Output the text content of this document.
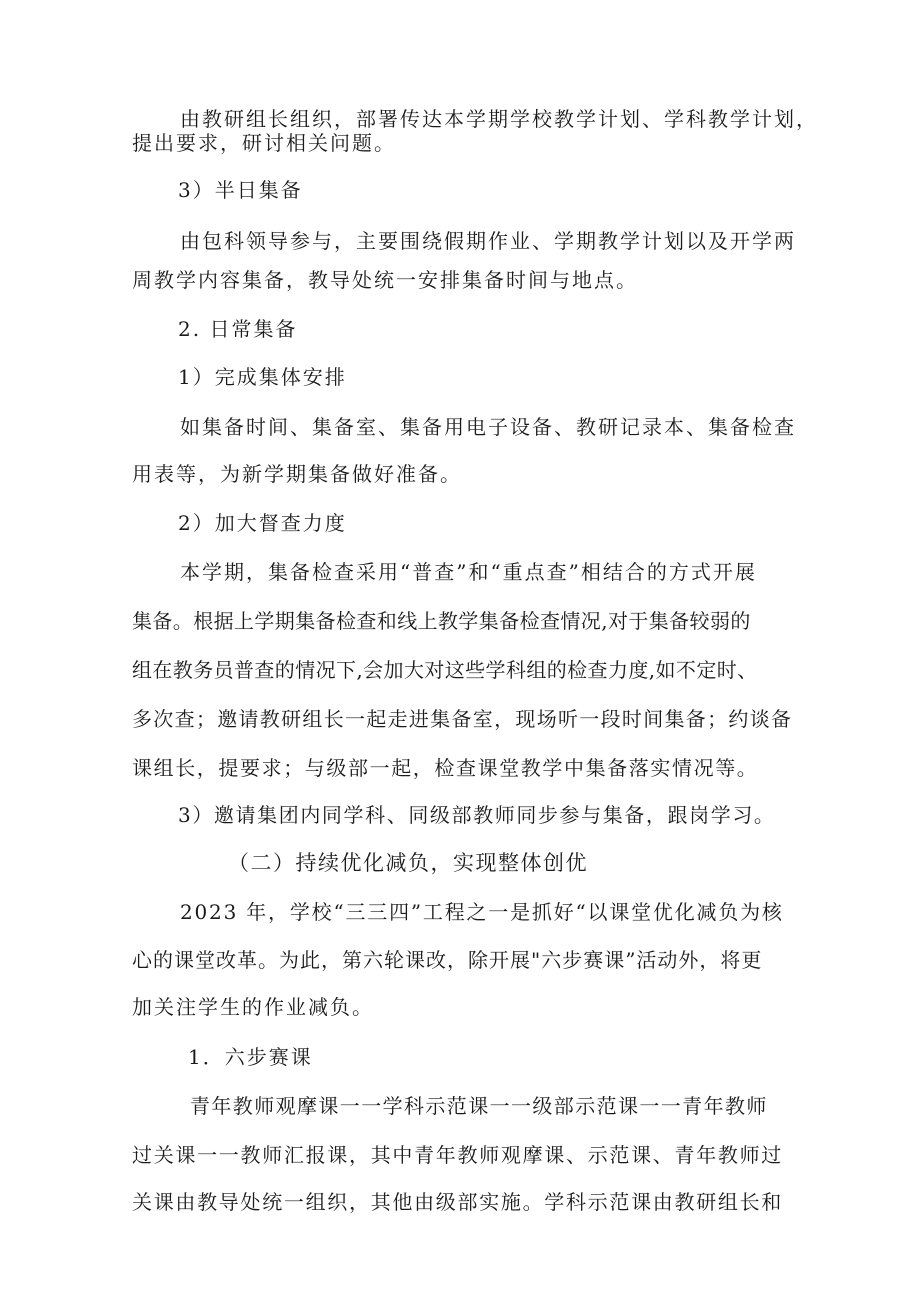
由教研组长组织，部署传达本学期学校教学计划、学科教学计划，
提出要求，研讨相关问题。
3）半日集备
由包科领导参与，主要围绕假期作业、学期教学计划以及开学两
周教学内容集备，教导处统一安排集备时间与地点。
2. 日常集备
1）完成集体安排
如集备时间、集备室、集备用电子设备、教研记录本、集备检查
用表等，为新学期集备做好准备。
2）加大督查力度
本学期，集备检查采用“普查”和“重点查”相结合的方式开展
集备。根据上学期集备检查和线上教学集备检查情况,对于集备较弱的
组在教务员普查的情况下,会加大对这些学科组的检查力度,如不定时、
多次查；邀请教研组长一起走进集备室，现场听一段时间集备；约谈备
课组长，提要求；与级部一起，检查课堂教学中集备落实情况等。
3）邀请集团内同学科、同级部教师同步参与集备，跟岗学习。
（二）持续优化减负，实现整体创优
2023 年，学校“三三四”工程之一是抓好“以课堂优化减负为核
心的课堂改革。为此，第六轮课改，除开展"六步赛课”活动外，将更
加关注学生的作业减负。
1．六步赛课
青年教师观摩课一一学科示范课一一级部示范课一一青年教师
过关课一一教师汇报课，其中青年教师观摩课、示范课、青年教师过
关课由教导处统一组织，其他由级部实施。学科示范课由教研组长和
